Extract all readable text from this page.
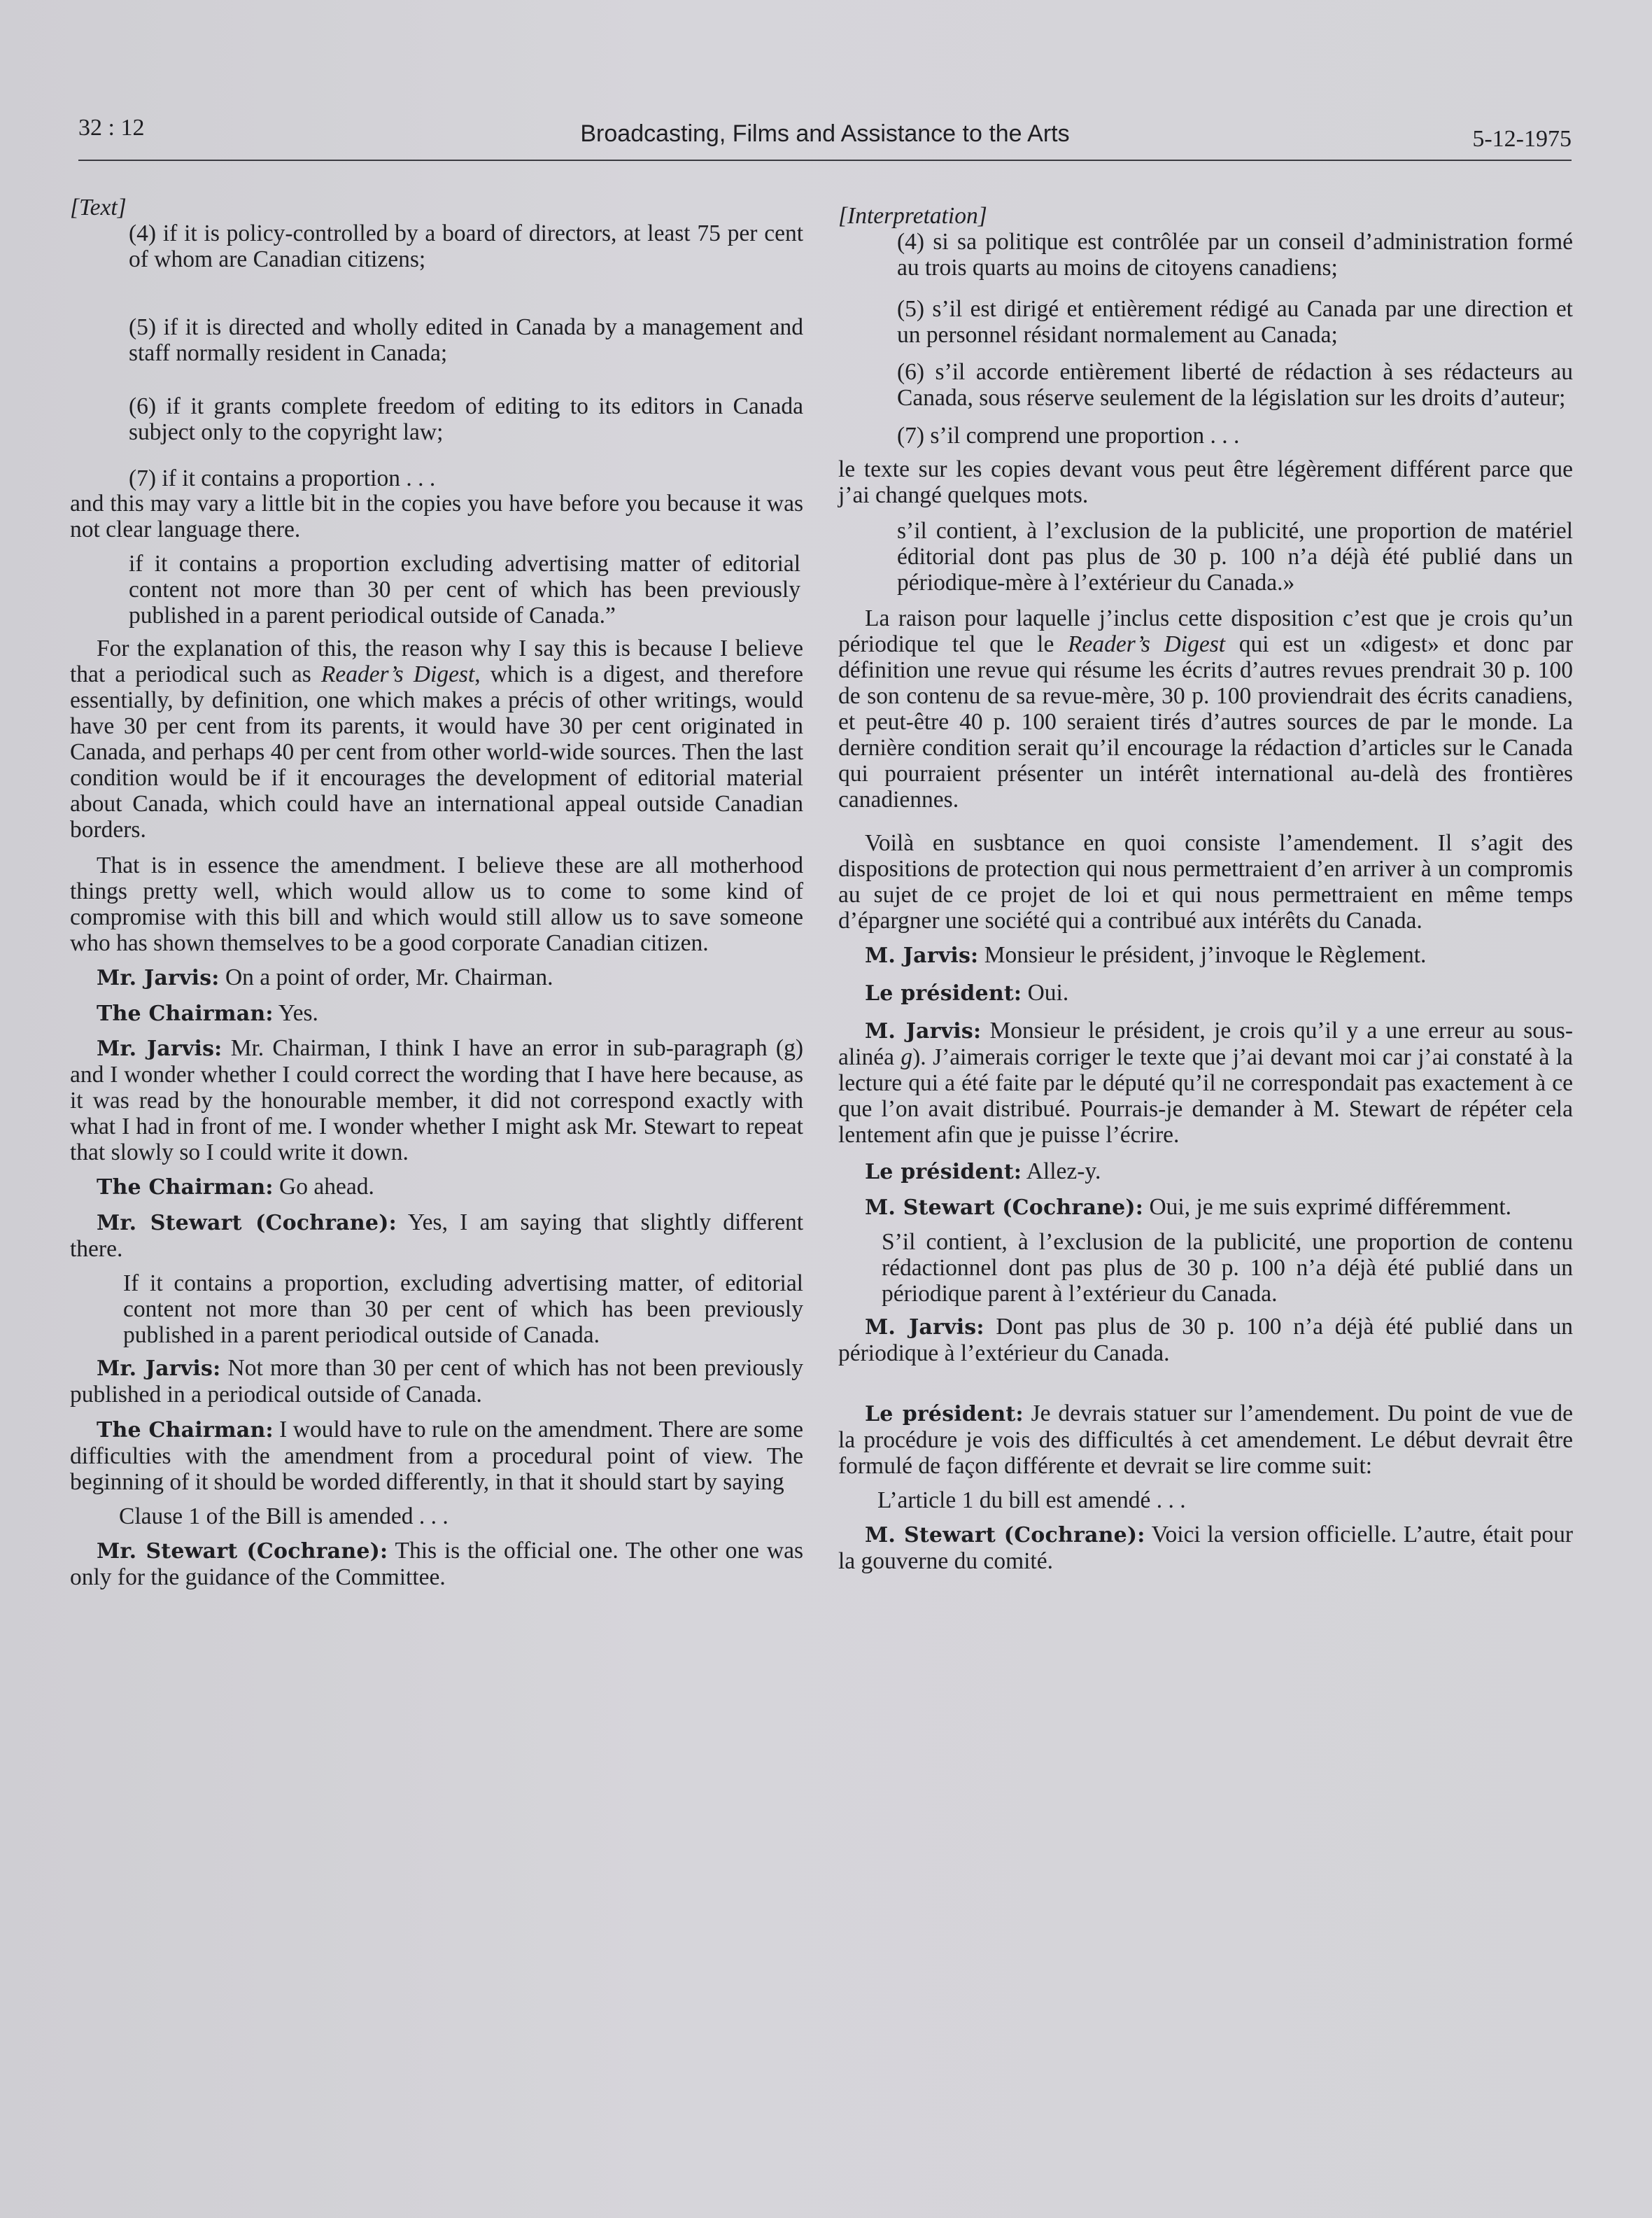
32 : 12	Broadcasting, Films and Assistance to the Arts	5-12-1975

[Text]

(4) if it is policy-controlled by a board of directors, at least 75 per cent of whom are Canadian citizens;

(5) if it is directed and wholly edited in Canada by a management and staff normally resident in Canada;

(6) if it grants complete freedom of editing to its editors in Canada subject only to the copyright law;

(7) if it contains a proportion . . .

and this may vary a little bit in the copies you have before you because it was not clear language there.

if it contains a proportion excluding advertising matter of editorial content not more than 30 per cent of which has been previously published in a parent periodical outside of Canada.”

For the explanation of this, the reason why I say this is because I believe that a periodical such as Reader’s Digest, which is a digest, and therefore essentially, by definition, one which makes a précis of other writings, would have 30 per cent from its parents, it would have 30 per cent originated in Canada, and perhaps 40 per cent from other world-wide sources. Then the last condition would be if it encourages the development of editorial material about Canada, which could have an international appeal outside Canadian borders.

That is in essence the amendment. I believe these are all motherhood things pretty well, which would allow us to come to some kind of compromise with this bill and which would still allow us to save someone who has shown themselves to be a good corporate Canadian citizen.

Mr. Jarvis: On a point of order, Mr. Chairman.

The Chairman: Yes.

Mr. Jarvis: Mr. Chairman, I think I have an error in sub-paragraph (g) and I wonder whether I could correct the wording that I have here because, as it was read by the honourable member, it did not correspond exactly with what I had in front of me. I wonder whether I might ask Mr. Stewart to repeat that slowly so I could write it down.

The Chairman: Go ahead.

Mr. Stewart (Cochrane): Yes, I am saying that slightly different there.

If it contains a proportion, excluding advertising matter, of editorial content not more than 30 per cent of which has been previously published in a parent periodical outside of Canada.

Mr. Jarvis: Not more than 30 per cent of which has not been previously published in a periodical outside of Canada.

The Chairman: I would have to rule on the amendment. There are some difficulties with the amendment from a procedural point of view. The beginning of it should be worded differently, in that it should start by saying

Clause 1 of the Bill is amended . . .

Mr. Stewart (Cochrane): This is the official one. The other one was only for the guidance of the Committee.

[Interpretation]

(4) si sa politique est contrôlée par un conseil d’administration formé au trois quarts au moins de citoyens canadiens;

(5) s’il est dirigé et entièrement rédigé au Canada par une direction et un personnel résidant normalement au Canada;

(6) s’il accorde entièrement liberté de rédaction à ses rédacteurs au Canada, sous réserve seulement de la législation sur les droits d’auteur;

(7) s’il comprend une proportion . . .

le texte sur les copies devant vous peut être légèrement différent parce que j’ai changé quelques mots.

s’il contient, à l’exclusion de la publicité, une proportion de matériel éditorial dont pas plus de 30 p. 100 n’a déjà été publié dans un périodique-mère à l’extérieur du Canada.»

La raison pour laquelle j’inclus cette disposition c’est que je crois qu’un périodique tel que le Reader’s Digest qui est un «digest» et donc par définition une revue qui résume les écrits d’autres revues prendrait 30 p. 100 de son contenu de sa revue-mère, 30 p. 100 proviendrait des écrits canadiens, et peut-être 40 p. 100 seraient tirés d’autres sources de par le monde. La dernière condition serait qu’il encourage la rédaction d’articles sur le Canada qui pourraient présenter un intérêt international au-delà des frontières canadiennes.

Voilà en susbtance en quoi consiste l’amendement. Il s’agit des dispositions de protection qui nous permettraient d’en arriver à un compromis au sujet de ce projet de loi et qui nous permettraient en même temps d’épargner une société qui a contribué aux intérêts du Canada.

M. Jarvis: Monsieur le président, j’invoque le Règlement.

Le président: Oui.

M. Jarvis: Monsieur le président, je crois qu’il y a une erreur au sous-alinéa g). J’aimerais corriger le texte que j’ai devant moi car j’ai constaté à la lecture qui a été faite par le député qu’il ne correspondait pas exactement à ce que l’on avait distribué. Pourrais-je demander à M. Stewart de répéter cela lentement afin que je puisse l’écrire.

Le président: Allez-y.

M. Stewart (Cochrane): Oui, je me suis exprimé différemment.

S’il contient, à l’exclusion de la publicité, une proportion de contenu rédactionnel dont pas plus de 30 p. 100 n’a déjà été publié dans un périodique parent à l’extérieur du Canada.

M. Jarvis: Dont pas plus de 30 p. 100 n’a déjà été publié dans un périodique à l’extérieur du Canada.

Le président: Je devrais statuer sur l’amendement. Du point de vue de la procédure je vois des difficultés à cet amendement. Le début devrait être formulé de façon différente et devrait se lire comme suit:

L’article 1 du bill est amendé . . .

M. Stewart (Cochrane): Voici la version officielle. L’autre, était pour la gouverne du comité.
